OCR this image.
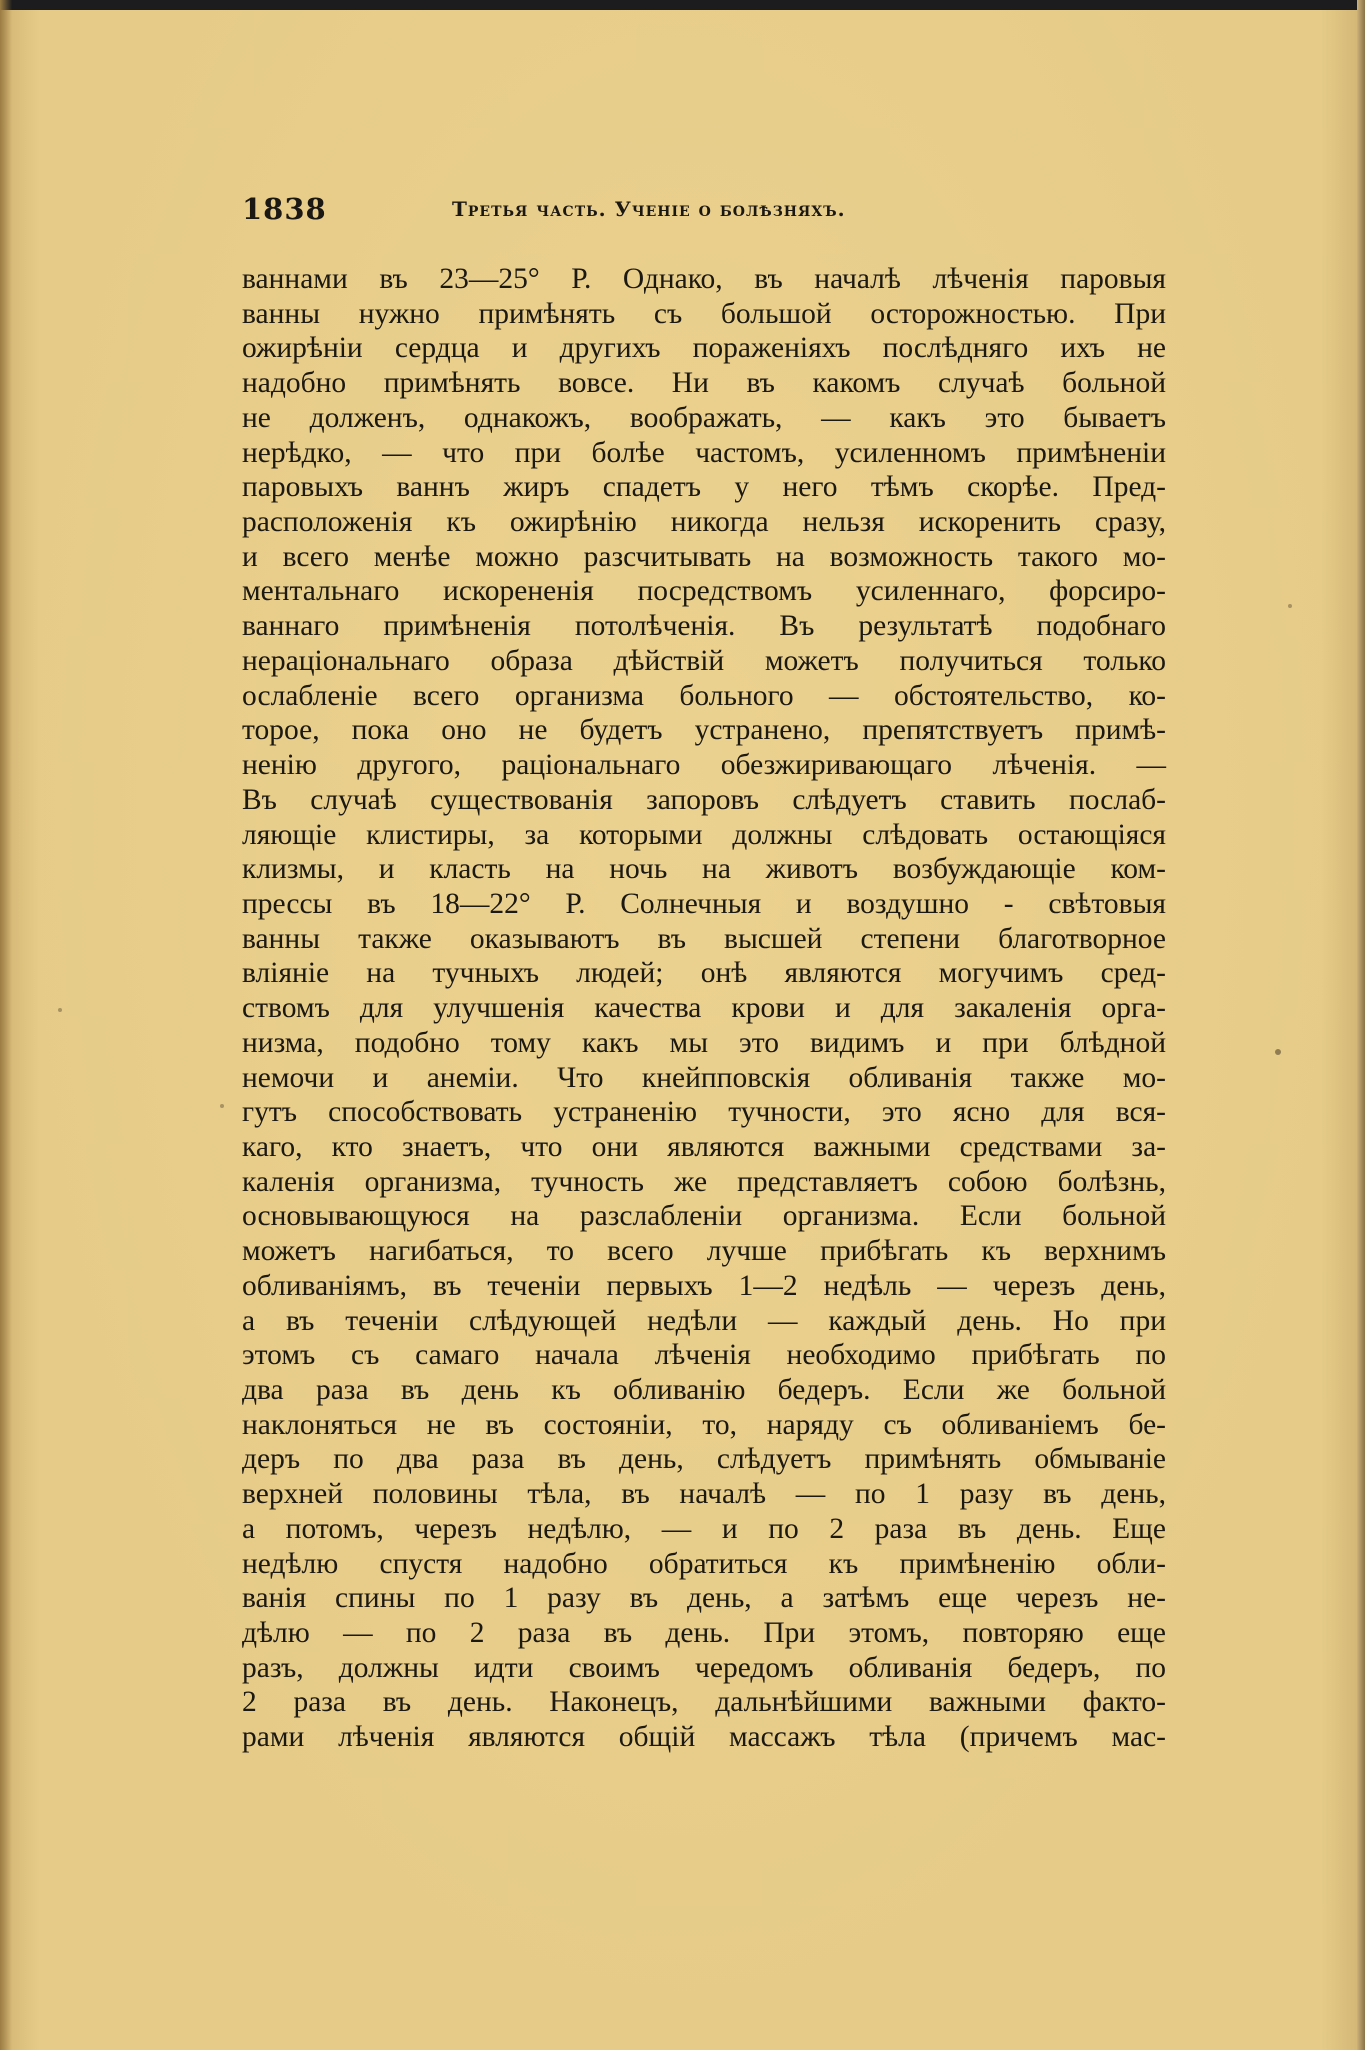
1838	Третья часть. Ученіе о болѣзняхъ.
ваннами въ 23—25° Р. Однако, въ началѣ лѣченія паровыя
ванны нужно примѣнять съ большой осторожностью. При
ожирѣніи сердца и другихъ пораженіяхъ послѣдняго ихъ не
надобно примѣнять вовсе. Ни въ какомъ случаѣ больной
не долженъ, однакожъ, воображать, — какъ это бываетъ
нерѣдко, — что при болѣе частомъ, усиленномъ примѣненіи
паровыхъ ваннъ жиръ спадетъ у него тѣмъ скорѣе. Пред-
расположенія къ ожирѣнію никогда нельзя искоренить сразу,
и всего менѣе можно разсчитывать на возможность такого мо-
ментальнаго искорененія посредствомъ усиленнаго, форсиро-
ваннаго примѣненія потолѣченія. Въ результатѣ подобнаго
нераціональнаго образа дѣйствій можетъ получиться только
ослабленіе всего организма больного — обстоятельство, ко-
торое, пока оно не будетъ устранено, препятствуетъ примѣ-
ненію другого, раціональнаго обезжиривающаго лѣченія. —
Въ случаѣ существованія запоровъ слѣдуетъ ставить послаб-
ляющіе клистиры, за которыми должны слѣдовать остающіяся
клизмы, и класть на ночь на животъ возбуждающіе ком-
прессы въ 18—22° Р. Солнечныя и воздушно - свѣтовыя
ванны также оказываютъ въ высшей степени благотворное
вліяніе на тучныхъ людей; онѣ являются могучимъ сред-
ствомъ для улучшенія качества крови и для закаленія орга-
низма, подобно тому какъ мы это видимъ и при блѣдной
немочи и анеміи. Что кнейпповскія обливанія также мо-
гутъ способствовать устраненію тучности, это ясно для вся-
каго, кто знаетъ, что они являются важными средствами за-
каленія организма, тучность же представляетъ собою болѣзнь,
основывающуюся на разслабленіи организма. Если больной
можетъ нагибаться, то всего лучше прибѣгать къ верхнимъ
обливаніямъ, въ теченіи первыхъ 1—2 недѣль — черезъ день,
а въ теченіи слѣдующей недѣли — каждый день. Но при
этомъ съ самаго начала лѣченія необходимо прибѣгать по
два раза въ день къ обливанію бедеръ. Если же больной
наклоняться не въ состояніи, то, наряду съ обливаніемъ бе-
деръ по два раза въ день, слѣдуетъ примѣнять обмываніе
верхней половины тѣла, въ началѣ — по 1 разу въ день,
а потомъ, черезъ недѣлю, — и по 2 раза въ день. Еще
недѣлю спустя надобно обратиться къ примѣненію обли-
ванія спины по 1 разу въ день, а затѣмъ еще черезъ не-
дѣлю — по 2 раза въ день. При этомъ, повторяю еще
разъ, должны идти своимъ чередомъ обливанія бедеръ, по
2 раза въ день. Наконецъ, дальнѣйшими важными факто-
рами лѣченія являются общій массажъ тѣла (причемъ мас-
